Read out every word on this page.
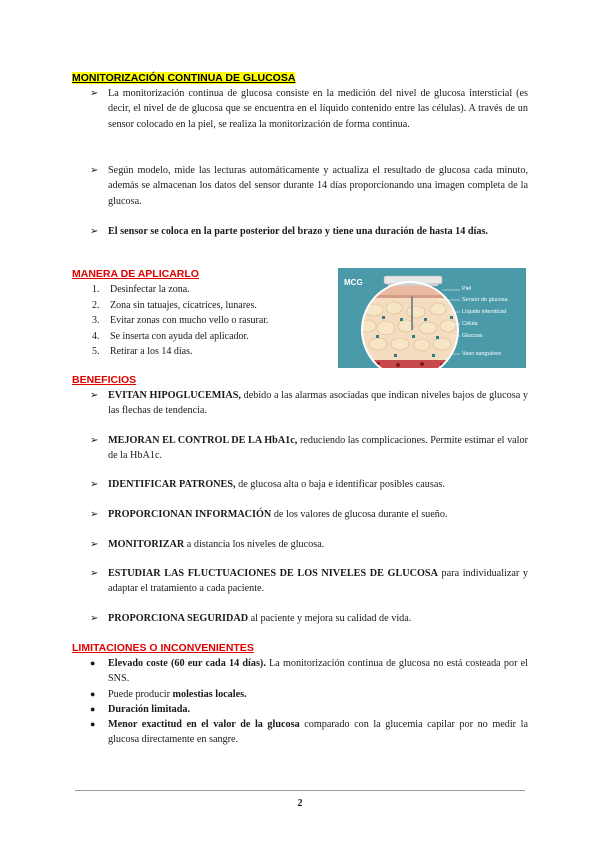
MONITORIZACIÓN CONTINUA DE GLUCOSA
➢ La monitorización continua de glucosa consiste en la medición del nivel de glucosa intersticial (es decir, el nivel de de glucosa que se encuentra en el líquido contenido entre las células). A través de un sensor colocado en la piel, se realiza la monitorización de forma continua.
➢ Según modelo, mide las lecturas automáticamente y actualiza el resultado de glucosa cada minuto, además se almacenan los datos del sensor durante 14 días proporcionando una imagen completa de la glucosa.
➢ El sensor se coloca en la parte posterior del brazo y tiene una duración de hasta 14 días.
MANERA DE APLICARLO
1. Desinfectar la zona.
2. Zona sin tatuajes, cicatrices, lunares.
3. Evitar zonas con mucho vello o rasurar.
4. Se inserta con ayuda del aplicador.
5. Retirar a los 14 días.
MCG
Piel
Sensor de glucosa
Líquido intersticial
Célula
Glucosa
Vaso sanguíneo
BENEFICIOS
➢ EVITAN HIPOGLUCEMIAS, debido a las alarmas asociadas que indican niveles bajos de glucosa y las flechas de tendencia.
➢ MEJORAN EL CONTROL DE LA HbA1c, reduciendo las complicaciones. Permite estimar el valor de la HbA1c.
➢ IDENTIFICAR PATRONES, de glucosa alta o baja e identificar posibles causas.
➢ PROPORCIONAN INFORMACIÓN de los valores de glucosa durante el sueño.
➢ MONITORIZAR a distancia los niveles de glucosa.
➢ ESTUDIAR LAS FLUCTUACIONES DE LOS NIVELES DE GLUCOSA para individualizar y adaptar el tratamiento a cada paciente.
➢ PROPORCIONA SEGURIDAD al paciente y mejora su calidad de vida.
LIMITACIONES O INCONVENIENTES
● Elevado coste (60 eur cada 14 días). La monitorización continua de glucosa no está costeada por el SNS.
● Puede producir molestias locales.
● Duración limitada.
● Menor exactitud en el valor de la glucosa comparado con la glucemia capilar por no medir la glucosa directamente en sangre.
2
